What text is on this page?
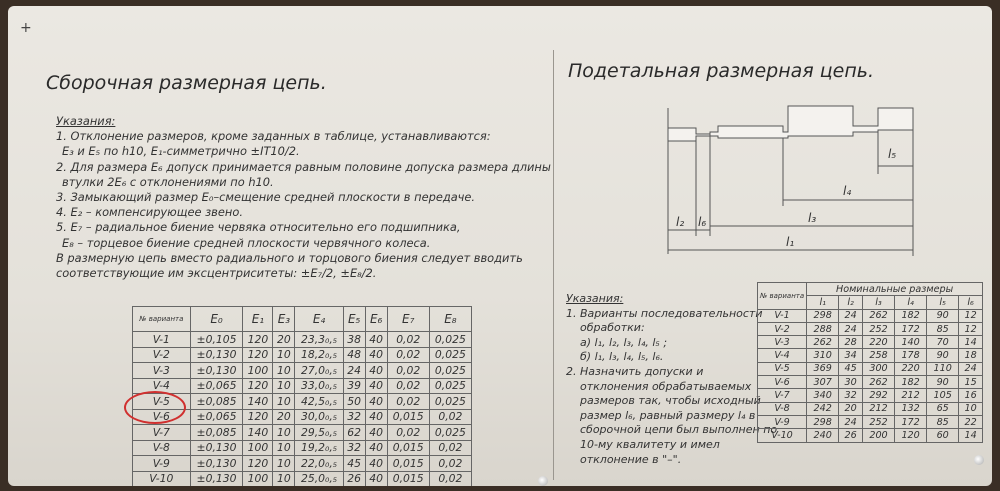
+
Сборочная размерная цепь.
Указания:
1. Отклонение размеров, кроме заданных в таблице, устанавливаются:
E₃ и E₅ по h10, E₁-симметрично ±IT10/2.
2. Для размера E₆ допуск принимается равным половине допуска размера длины
втулки 2E₆ с отклонениями по h10.
3. Замыкающий размер E₀–смещение средней плоскости в передаче.
4. E₂ – компенсирующее звено.
5. E₇ – радиальное биение червяка относительно его подшипника,
E₈ – торцевое биение средней плоскости червячного колеса.
В размерную цепь вместо радиального и торцового биения следует вводить
соответствующие им эксцентриситеты: ±E₇/2, ±E₈/2.
№ варианта	E₀	E₁	E₃	E₄	E₅	E₆	E₇	E₈
V-1	±0,105	120	20	23,3₀,₅	38	40	0,02	0,025
V-2	±0,130	120	10	18,2₀,₅	48	40	0,02	0,025
V-3	±0,130	100	10	27,0₀,₅	24	40	0,02	0,025
V-4	±0,065	120	10	33,0₀,₅	39	40	0,02	0,025
V-5	±0,085	140	10	42,5₀,₅	50	40	0,02	0,025
V-6	±0,065	120	20	30,0₀,₅	32	40	0,015	0,02
V-7	±0,085	140	10	29,5₀,₅	62	40	0,02	0,025
V-8	±0,130	100	10	19,2₀,₅	32	40	0,015	0,02
V-9	±0,130	120	10	22,0₀,₅	45	40	0,015	0,02
V-10	±0,130	100	10	25,0₀,₅	26	40	0,015	0,02
Подетальная размерная цепь.
l₁
l₂	l₃
l₄
l₅
l₆
Указания:
1. Варианты последовательности
обработки:
а) l₁, l₂, l₃, l₄, l₅ ;
б) l₁, l₃, l₄, l₅, l₆.
2. Назначить допуски и
отклонения обрабатываемых
размеров так, чтобы исходный
размер l₆, равный размеру l₄ в
сборочной цепи был выполнен по
10-му квалитету и имел
отклонение в "–".
№ варианта	Номинальные размеры					
	l₁	l₂	l₃	l₄	l₅	l₆
V-1	298	24	262	182	90	12
V-2	288	24	252	172	85	12
V-3	262	28	220	140	70	14
V-4	310	34	258	178	90	18
V-5	369	45	300	220	110	24
V-6	307	30	262	182	90	15
V-7	340	32	292	212	105	16
V-8	242	20	212	132	65	10
V-9	298	24	252	172	85	22
V-10	240	26	200	120	60	14
